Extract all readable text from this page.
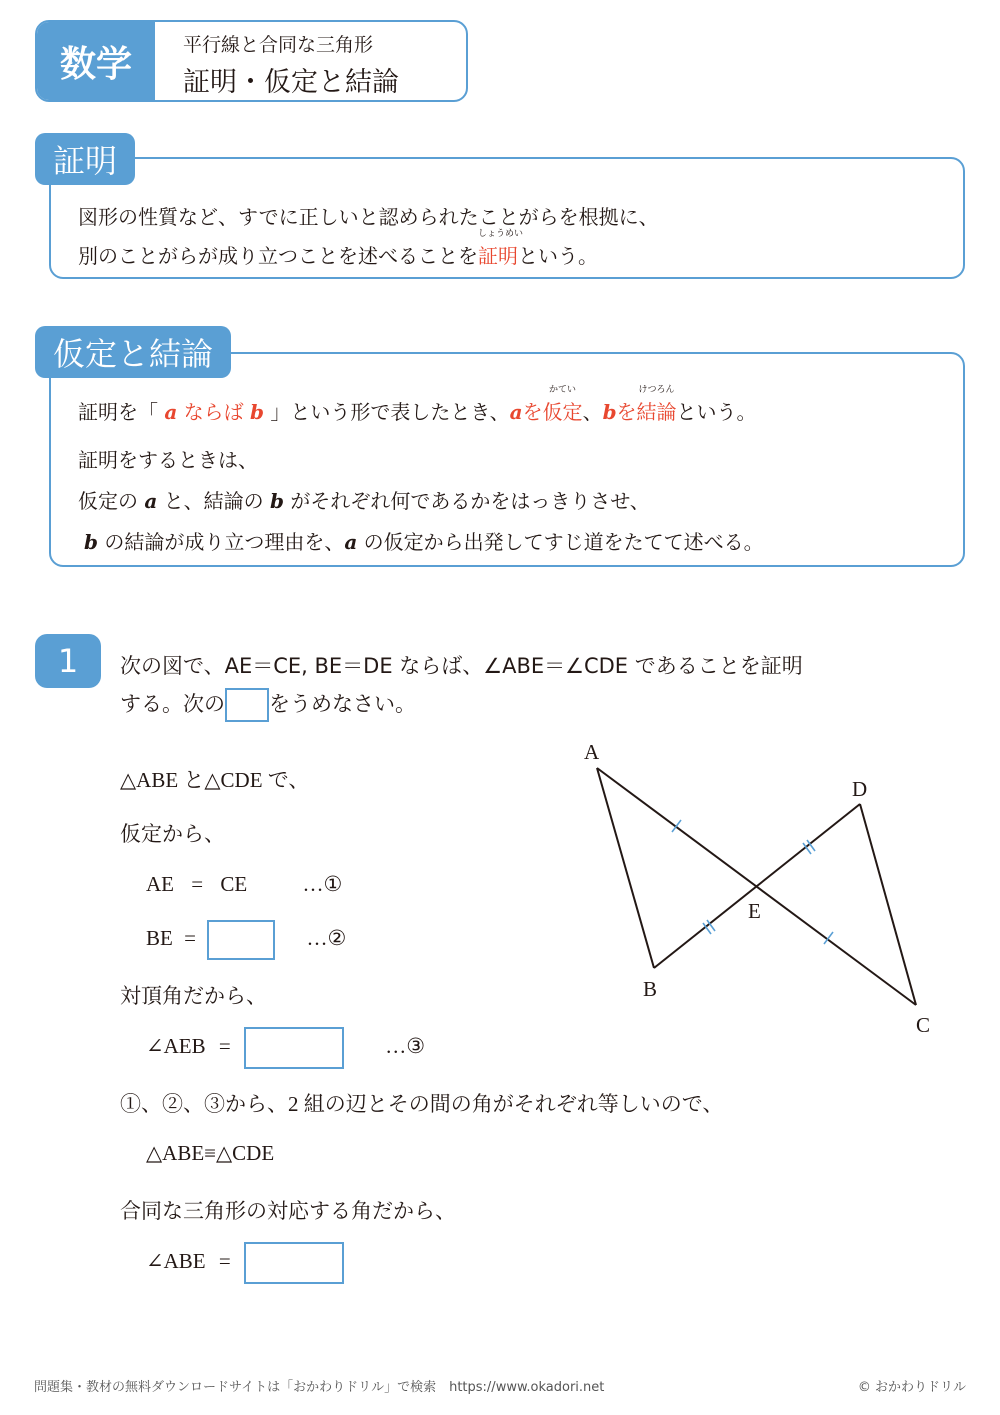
数学	平行線と合同な三角形
証明・仮定と結論
証明
図形の性質など、すでに正しいと認められたことがらを根拠に、
別のことがらが成り立つことを述べることを
しょうめい
証明という。
仮定と結論
証明を「 a ならば b 」という形で表したとき、aを
かてい
仮定、bを
けつろん
結論という。
証明をするときは、
仮定の a と、結論の b がそれぞれ何であるかをはっきりさせ、
b の結論が成り立つ理由を、a の仮定から出発してすじ道をたてて述べる。
1	次の図で、AE＝CE, BE＝DE ならば、∠ABE＝∠CDE であることを証明
する。次の をうめなさい。
△ABE と△CDE で、
仮定から、
AE = CE	…①
BE =	…②
対頂角だから、
∠AEB =	…③
①、②、③から、2 組の辺とその間の角がそれぞれ等しいので、
△ABE≡△CDE
合同な三角形の対応する角だから、
∠ABE =
A
B
C
D
E
問題集・教材の無料ダウンロードサイトは「おかわりドリル」で検索　https://www.okadori.net	© おかわりドリル
